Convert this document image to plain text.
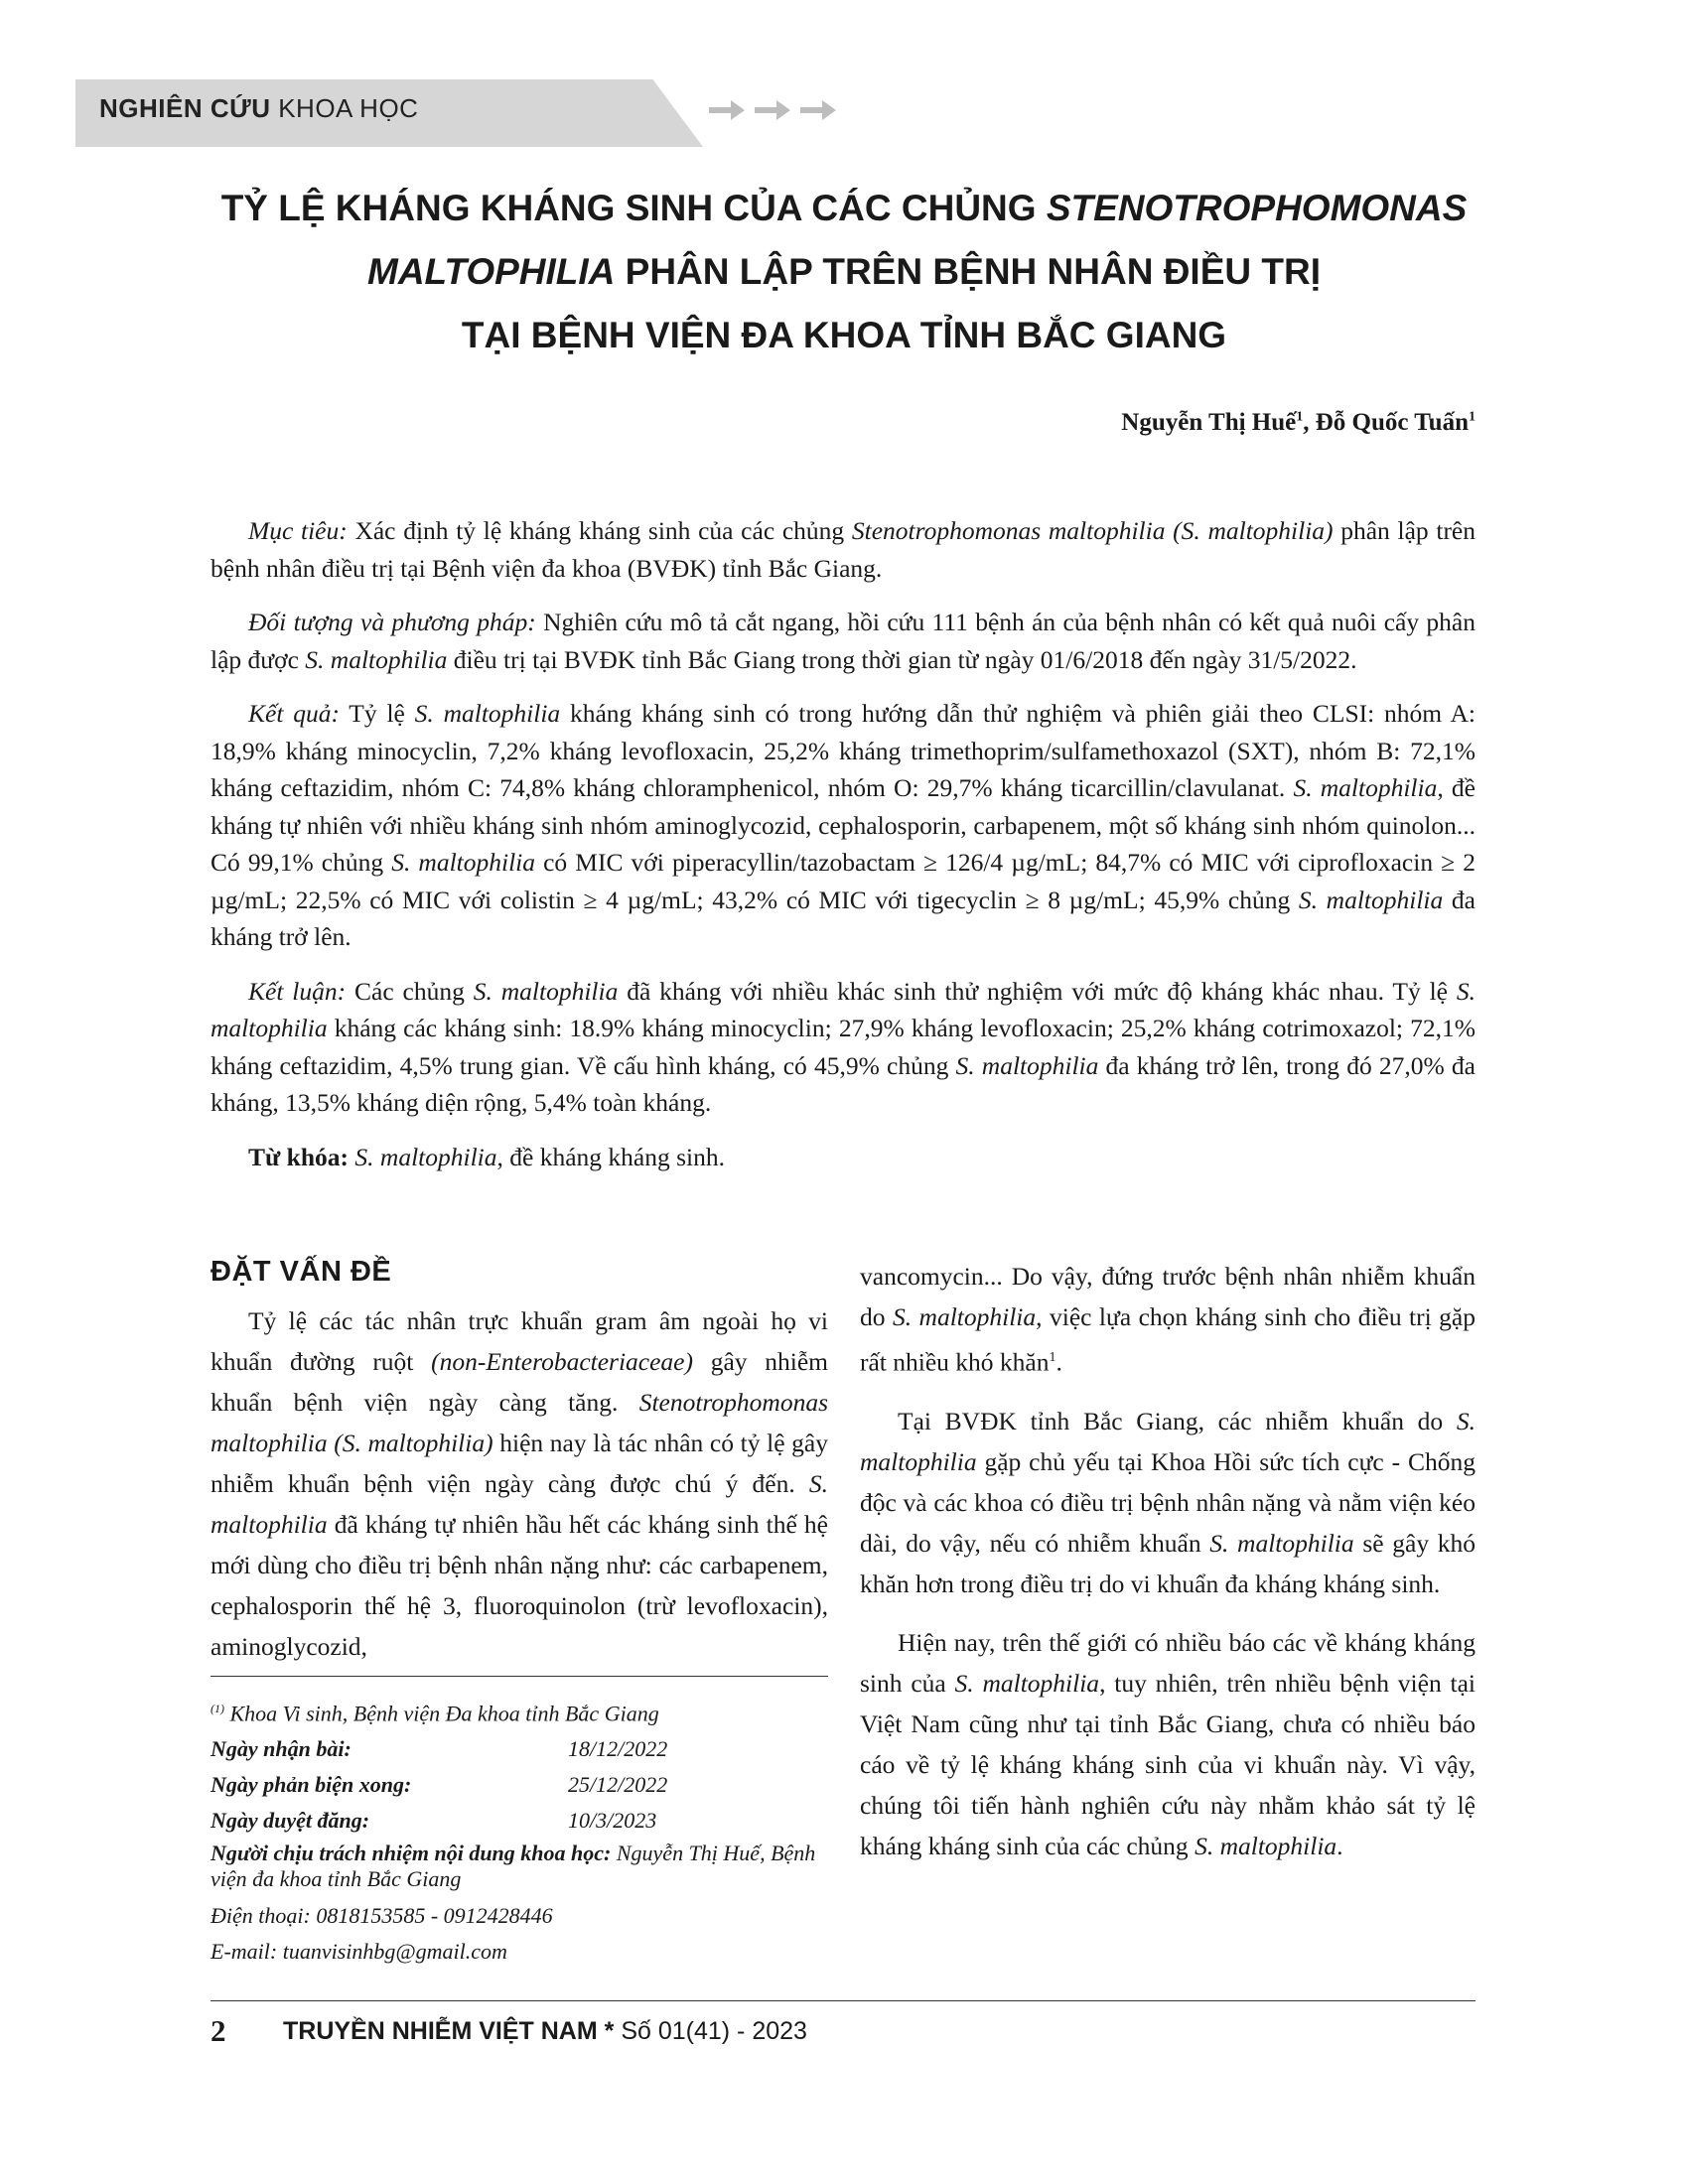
NGHIÊN CỨU KHOA HỌC
TỶ LỆ KHÁNG KHÁNG SINH CỦA CÁC CHỦNG STENOTROPHOMONAS
MALTOPHILIA PHÂN LẬP TRÊN BỆNH NHÂN ĐIỀU TRỊ
TẠI BỆNH VIỆN ĐA KHOA TỈNH BẮC GIANG
Nguyễn Thị Huế$^1$, Đỗ Quốc Tuấn$^1$

Mục tiêu: Xác định tỷ lệ kháng kháng sinh của các chủng Stenotrophomonas maltophilia (S. maltophilia) phân lập trên bệnh nhân điều trị tại Bệnh viện đa khoa (BVĐK) tỉnh Bắc Giang.

Đối tượng và phương pháp: Nghiên cứu mô tả cắt ngang, hồi cứu 111 bệnh án của bệnh nhân có kết quả nuôi cấy phân lập được S. maltophilia điều trị tại BVĐK tỉnh Bắc Giang trong thời gian từ ngày 01/6/2018 đến ngày 31/5/2022.

Kết quả: Tỷ lệ S. maltophilia kháng kháng sinh có trong hướng dẫn thử nghiệm và phiên giải theo CLSI: nhóm A: 18,9% kháng minocyclin, 7,2% kháng levofloxacin, 25,2% kháng trimethoprim/sulfamethoxazol (SXT), nhóm B: 72,1% kháng ceftazidim, nhóm C: 74,8% kháng chloramphenicol, nhóm O: 29,7% kháng ticarcillin/clavulanat. S. maltophilia, đề kháng tự nhiên với nhiều kháng sinh nhóm aminoglycozid, cephalosporin, carbapenem, một số kháng sinh nhóm quinolon... Có 99,1% chủng S. maltophilia có MIC với piperacyllin/tazobactam ≥ 126/4 µg/mL; 84,7% có MIC với ciprofloxacin ≥ 2 µg/mL; 22,5% có MIC với colistin ≥ 4 µg/mL; 43,2% có MIC với tigecyclin ≥ 8 µg/mL; 45,9% chủng S. maltophilia đa kháng trở lên.

Kết luận: Các chủng S. maltophilia đã kháng với nhiều khác sinh thử nghiệm với mức độ kháng khác nhau. Tỷ lệ S. maltophilia kháng các kháng sinh: 18.9% kháng minocyclin; 27,9% kháng levofloxacin; 25,2% kháng cotrimoxazol; 72,1% kháng ceftazidim, 4,5% trung gian. Về cấu hình kháng, có 45,9% chủng S. maltophilia đa kháng trở lên, trong đó 27,0% đa kháng, 13,5% kháng diện rộng, 5,4% toàn kháng.

Từ khóa: S. maltophilia, đề kháng kháng sinh.

ĐẶT VẤN ĐỀ

Tỷ lệ các tác nhân trực khuẩn gram âm ngoài họ vi khuẩn đường ruột (non-Enterobacteriaceae) gây nhiễm khuẩn bệnh viện ngày càng tăng. Stenotrophomonas maltophilia (S. maltophilia) hiện nay là tác nhân có tỷ lệ gây nhiễm khuẩn bệnh viện ngày càng được chú ý đến. S. maltophilia đã kháng tự nhiên hầu hết các kháng sinh thế hệ mới dùng cho điều trị bệnh nhân nặng như: các carbapenem, cephalosporin thế hệ 3, fluoroquinolon (trừ levofloxacin), aminoglycozid,

vancomycin... Do vậy, đứng trước bệnh nhân nhiễm khuẩn do S. maltophilia, việc lựa chọn kháng sinh cho điều trị gặp rất nhiều khó khăn$^1$.

Tại BVĐK tỉnh Bắc Giang, các nhiễm khuẩn do S. maltophilia gặp chủ yếu tại Khoa Hồi sức tích cực - Chống độc và các khoa có điều trị bệnh nhân nặng và nằm viện kéo dài, do vậy, nếu có nhiễm khuẩn S. maltophilia sẽ gây khó khăn hơn trong điều trị do vi khuẩn đa kháng kháng sinh.

Hiện nay, trên thế giới có nhiều báo các về kháng kháng sinh của S. maltophilia, tuy nhiên, trên nhiều bệnh viện tại Việt Nam cũng như tại tỉnh Bắc Giang, chưa có nhiều báo cáo về tỷ lệ kháng kháng sinh của vi khuẩn này. Vì vậy, chúng tôi tiến hành nghiên cứu này nhằm khảo sát tỷ lệ kháng kháng sinh của các chủng S. maltophilia.

$^{(1)}$ Khoa Vi sinh, Bệnh viện Đa khoa tỉnh Bắc Giang
Ngày nhận bài:	18/12/2022
Ngày phản biện xong:	25/12/2022
Ngày duyệt đăng:	10/3/2023
Người chịu trách nhiệm nội dung khoa học: Nguyễn Thị Huế, Bệnh viện đa khoa tỉnh Bắc Giang
Điện thoại: 0818153585 - 0912428446
E-mail: tuanvisinhbg@gmail.com
2 TRUYỀN NHIỄM VIỆT NAM * Số 01(41) - 2023
